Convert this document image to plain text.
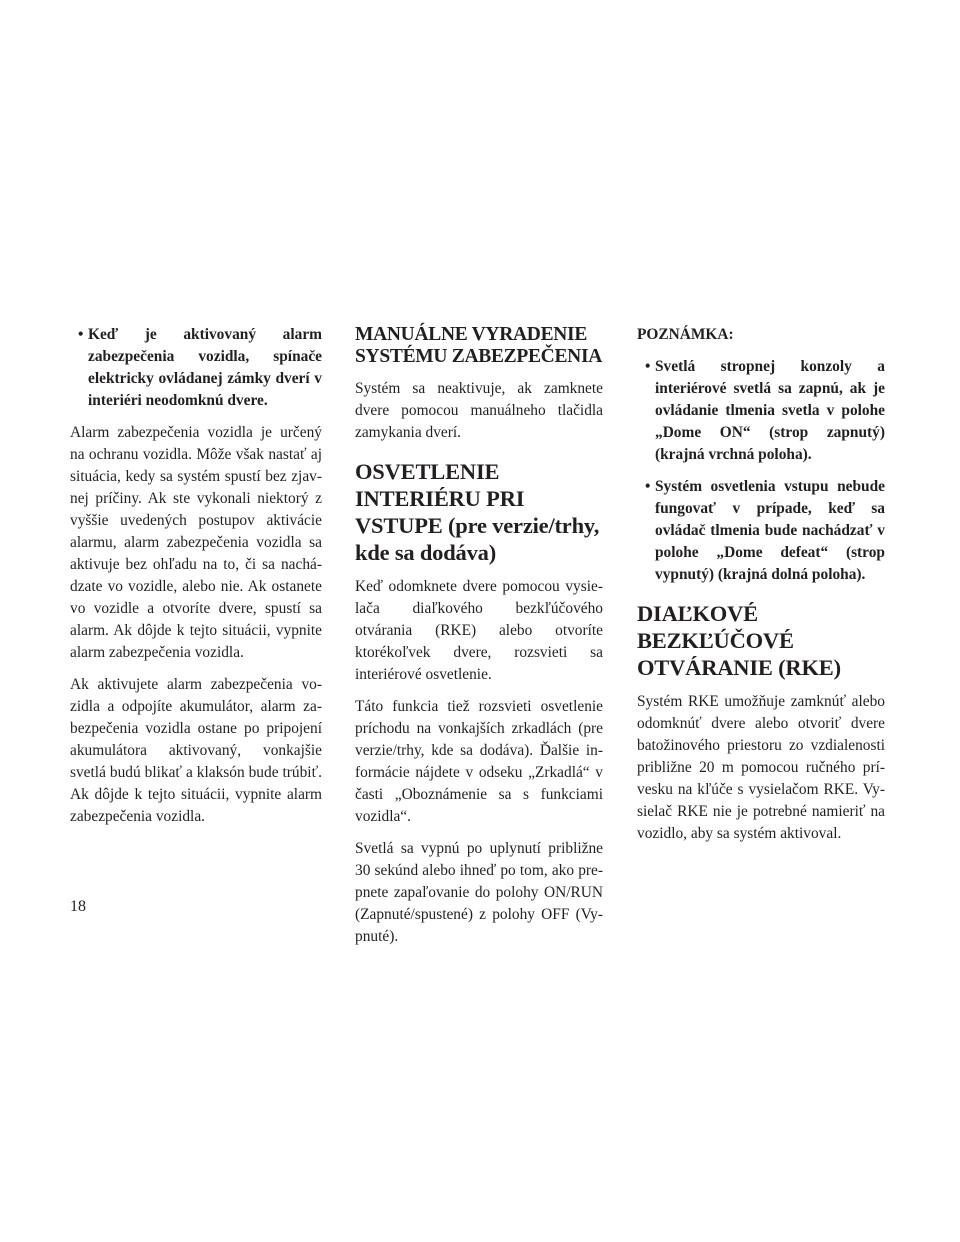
• Keď je aktivovaný alarm zabezpečenia vozidla, spínače elektricky ovládanej zámky dverí v interiéri neodomknú dvere.

Alarm zabezpečenia vozidla je určený na ochranu vozidla. Môže však nastať aj situácia, kedy sa systém spustí bez zjavnej príčiny. Ak ste vykonali niektorý z vyššie uvedených postupov aktivácie alarmu, alarm zabezpečenia vozidla sa aktivuje bez ohľadu na to, či sa nachádzate vo vozidle, alebo nie. Ak ostanete vo vozidle a otvoríte dvere, spustí sa alarm. Ak dôjde k tejto situácii, vypnite alarm zabezpečenia vozidla.

Ak aktivujete alarm zabezpečenia vozidla a odpojíte akumulátor, alarm zabezpečenia vozidla ostane po pripojení akumulátora aktivovaný, vonkajšie svetlá budú blikať a klaksón bude trúbiť. Ak dôjde k tejto situácii, vypnite alarm zabezpečenia vozidla.

MANUÁLNE VYRADENIE SYSTÉMU ZABEZPEČENIA

Systém sa neaktivuje, ak zamknete dvere pomocou manuálneho tlačidla zamykania dverí.

OSVETLENIE INTERIÉRU PRI VSTUPE (pre verzie/trhy, kde sa dodáva)

Keď odomknete dvere pomocou vysielača diaľkového bezkľúčového otvárania (RKE) alebo otvoríte ktorékoľvek dvere, rozsvieti sa interiérové osvetlenie.

Táto funkcia tiež rozsvieti osvetlenie príchodu na vonkajších zrkadlách (pre verzie/trhy, kde sa dodáva). Ďalšie informácie nájdete v odseku „Zrkadlá“ v časti „Oboznámenie sa s funkciami vozidla“.

Svetlá sa vypnú po uplynutí približne 30 sekúnd alebo ihneď po tom, ako prepnete zapaľovanie do polohy ON/RUN (Zapnuté/spustené) z polohy OFF (Vypnuté).

POZNÁMKA:
• Svetlá stropnej konzoly a interiérové svetlá sa zapnú, ak je ovládanie tlmenia svetla v polohe „Dome ON“ (strop zapnutý) (krajná vrchná poloha).
• Systém osvetlenia vstupu nebude fungovať v prípade, keď sa ovládač tlmenia bude nachádzať v polohe „Dome defeat“ (strop vypnutý) (krajná dolná poloha).
DIAĽKOVÉ BEZKĽÚČOVÉ OTVÁRANIE (RKE)

Systém RKE umožňuje zamknúť alebo odomknúť dvere alebo otvoriť dvere batožinového priestoru zo vzdialenosti približne 20 m pomocou ručného prívesku na kľúče s vysielačom RKE. Vysielač RKE nie je potrebné namieriť na vozidlo, aby sa systém aktivoval.

18
